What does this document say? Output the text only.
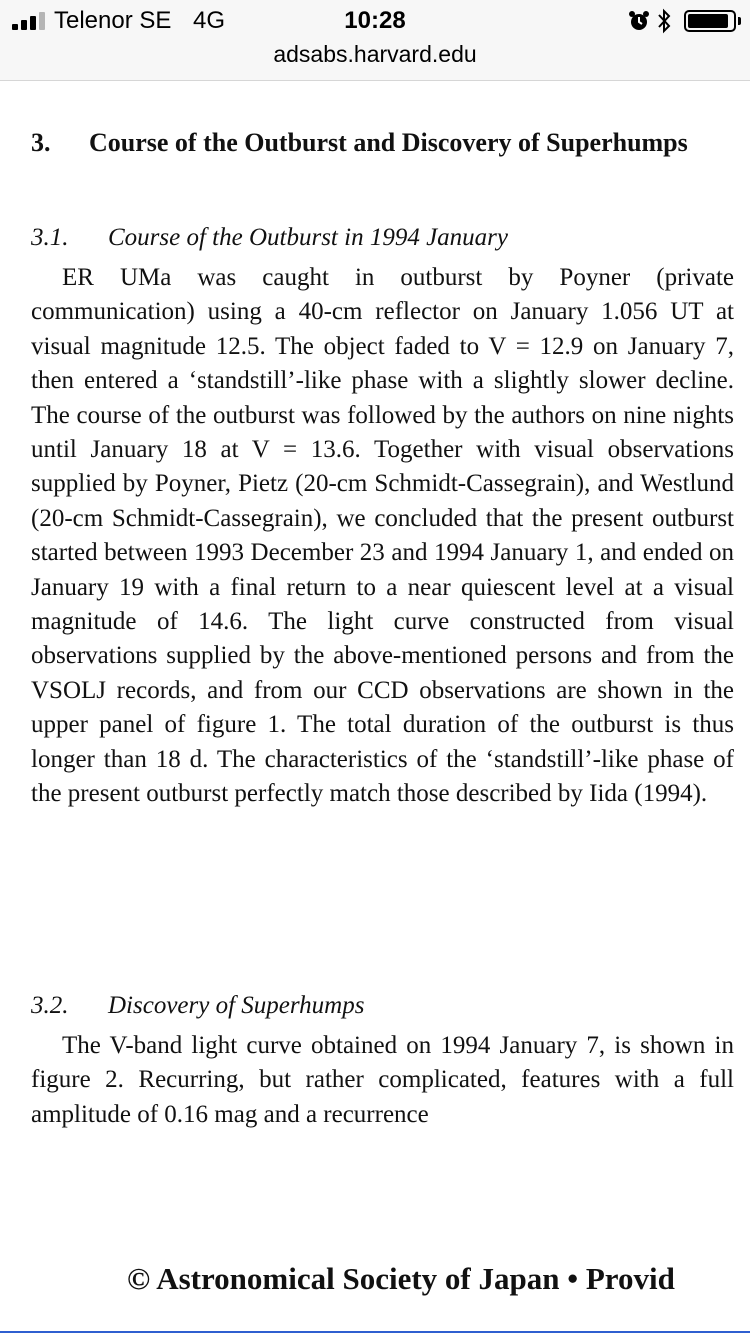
Telenor SE 4G	10:28
adsabs.harvard.edu
3. Course of the Outburst and Discovery of Superhumps
3.1. Course of the Outburst in 1994 January
ER UMa was caught in outburst by Poyner (private communication) using a 40-cm reflector on January 1.056 UT at visual magnitude 12.5. The object faded to V = 12.9 on January 7, then entered a ‘standstill’-like phase with a slightly slower decline. The course of the outburst was followed by the authors on nine nights until January 18 at V = 13.6. Together with visual observations supplied by Poyner, Pietz (20-cm Schmidt-Cassegrain), and Westlund (20-cm Schmidt-Cassegrain), we concluded that the present outburst started between 1993 December 23 and 1994 January 1, and ended on January 19 with a final return to a near quiescent level at a visual magnitude of 14.6. The light curve constructed from visual observations supplied by the above-mentioned persons and from the VSOLJ records, and from our CCD observations are shown in the upper panel of figure 1. The total duration of the outburst is thus longer than 18 d. The characteristics of the ‘standstill’-like phase of the present outburst perfectly match those described by Iida (1994).
3.2. Discovery of Superhumps
The V-band light curve obtained on 1994 January 7, is shown in figure 2. Recurring, but rather complicated, features with a full amplitude of 0.16 mag and a recurrence
© Astronomical Society of Japan • Provid
